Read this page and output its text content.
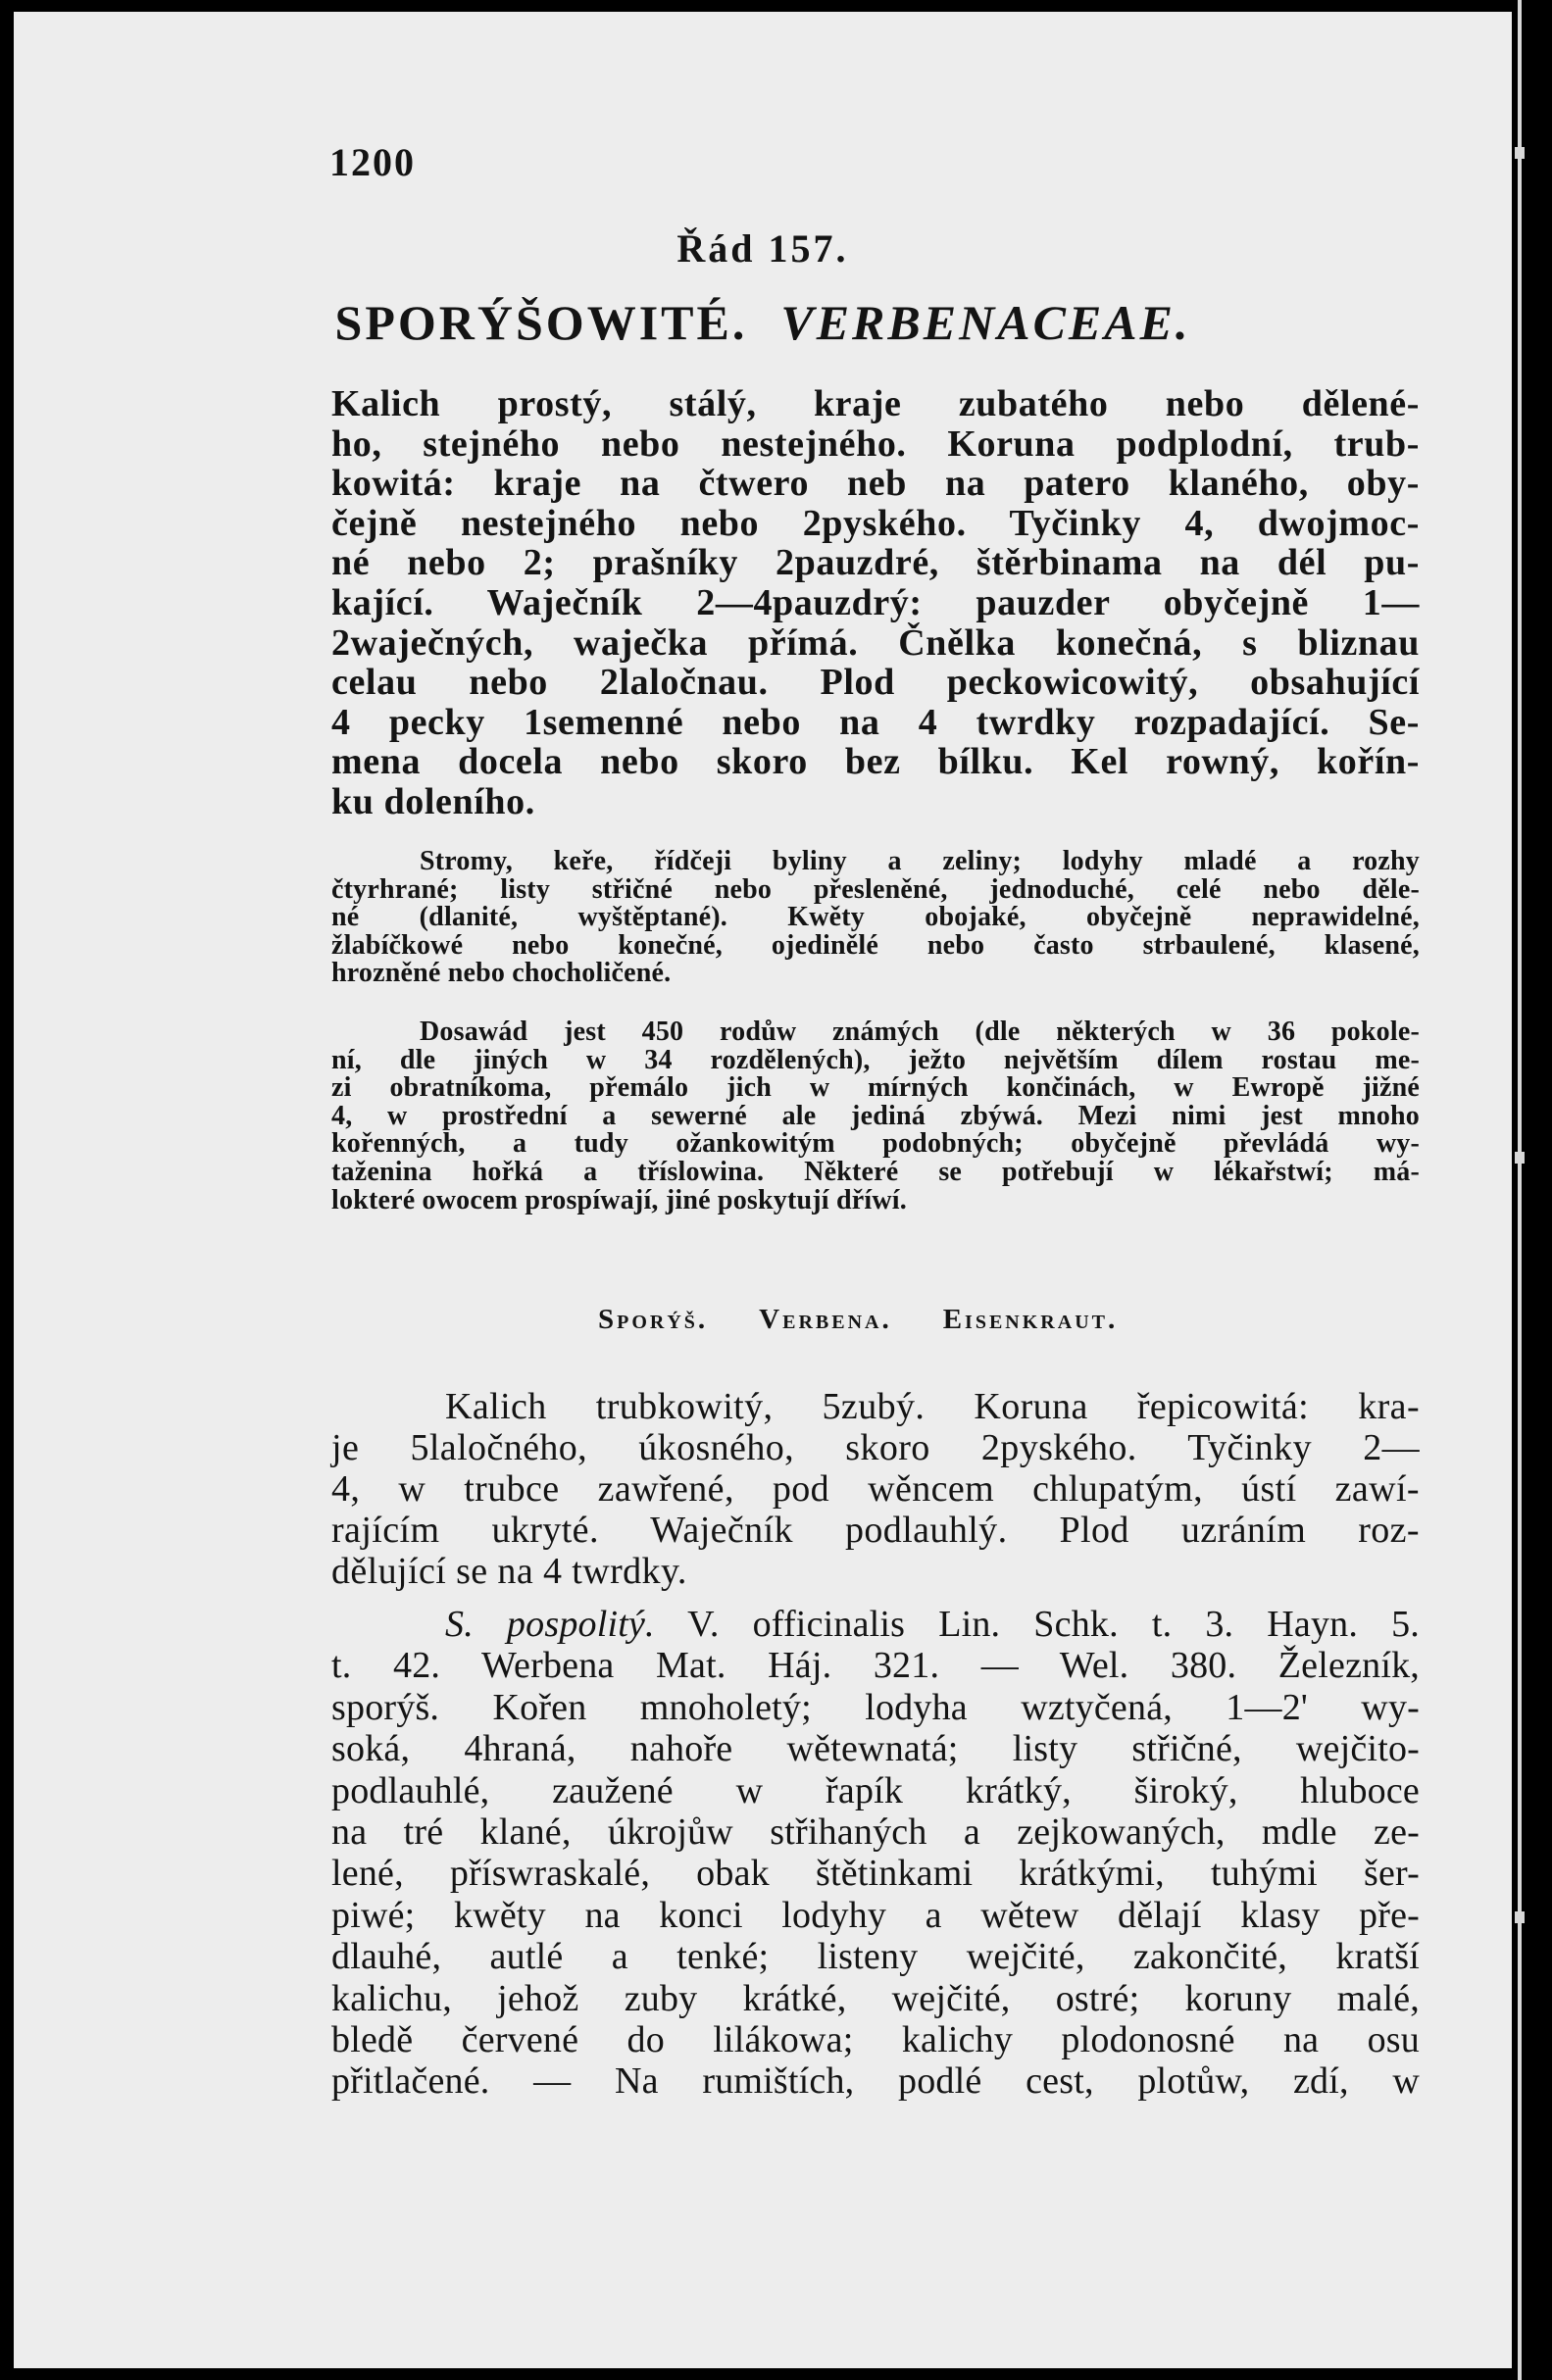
1200
Řád 157.
SPORÝŠOWITÉ. VERBENACEAE.

Kalich prostý, stálý, kraje zubatého nebo dělené-
ho, stejného nebo nestejného. Koruna podplodní, trub-
kowitá: kraje na čtwero neb na patero klaného, oby-
čejně nestejného nebo 2pyského. Tyčinky 4, dwojmoc-
né nebo 2; prašníky 2pauzdré, štěrbinama na dél pu-
kající. Waječník 2—4pauzdrý: pauzder obyčejně 1—
2waječných, waječka přímá. Čnělka konečná, s bliznau
celau nebo 2laločnau. Plod peckowicowitý, obsahující
4 pecky 1semenné nebo na 4 twrdky rozpadající. Se-
mena docela nebo skoro bez bílku. Kel rowný, kořín-
ku doleního.

Stromy, keře, řídčeji byliny a zeliny; lodyhy mladé a rozhy
čtyrhrané; listy střičné nebo přesleněné, jednoduché, celé nebo děle-
né (dlanité, wyštěptané). Kwěty obojaké, obyčejně neprawidelné,
žlabíčkowé nebo konečné, ojedinělé nebo často strbaulené, klasené,
hrozněné nebo chocholičené.

Dosawád jest 450 rodůw známých (dle některých w 36 pokole-
ní, dle jiných w 34 rozdělených), ježto největším dílem rostau me-
zi obratníkoma, přemálo jich w mírných končinách, w Ewropě jižné
4, w prostřední a sewerné ale jediná zbýwá. Mezi nimi jest mnoho
kořenných, a tudy ožankowitým podobných; obyčejně převládá wy-
taženina hořká a tříslowina. Některé se potřebují w lékařstwí; má-
lokteré owocem prospíwají, jiné poskytují dříwí.

Sporýš. Verbena. Eisenkraut.

Kalich trubkowitý, 5zubý. Koruna řepicowitá: kra-
je 5laločného, úkosného, skoro 2pyského. Tyčinky 2—
4, w trubce zawřené, pod wěncem chlupatým, ústí zawí-
rajícím ukryté. Waječník podlauhlý. Plod uzráním roz-
dělující se na 4 twrdky.

S. pospolitý. V. officinalis Lin. Schk. t. 3. Hayn. 5.
t. 42. Werbena Mat. Háj. 321. — Wel. 380. Železník,
sporýš. Kořen mnoholetý; lodyha wztyčená, 1—2' wy-
soká, 4hraná, nahoře wětewnatá; listy střičné, wejčito-
podlauhlé, zaužené w řapík krátký, široký, hluboce
na tré klané, úkrojůw střihaných a zejkowaných, mdle ze-
lené, příswraskalé, obak štětinkami krátkými, tuhými šer-
piwé; kwěty na konci lodyhy a wětew dělají klasy pře-
dlauhé, autlé a tenké; listeny wejčité, zakončité, kratší
kalichu, jehož zuby krátké, wejčité, ostré; koruny malé,
bledě červené do lilákowa; kalichy plodonosné na osu
přitlačené. — Na rumištích, podlé cest, plotůw, zdí, w
